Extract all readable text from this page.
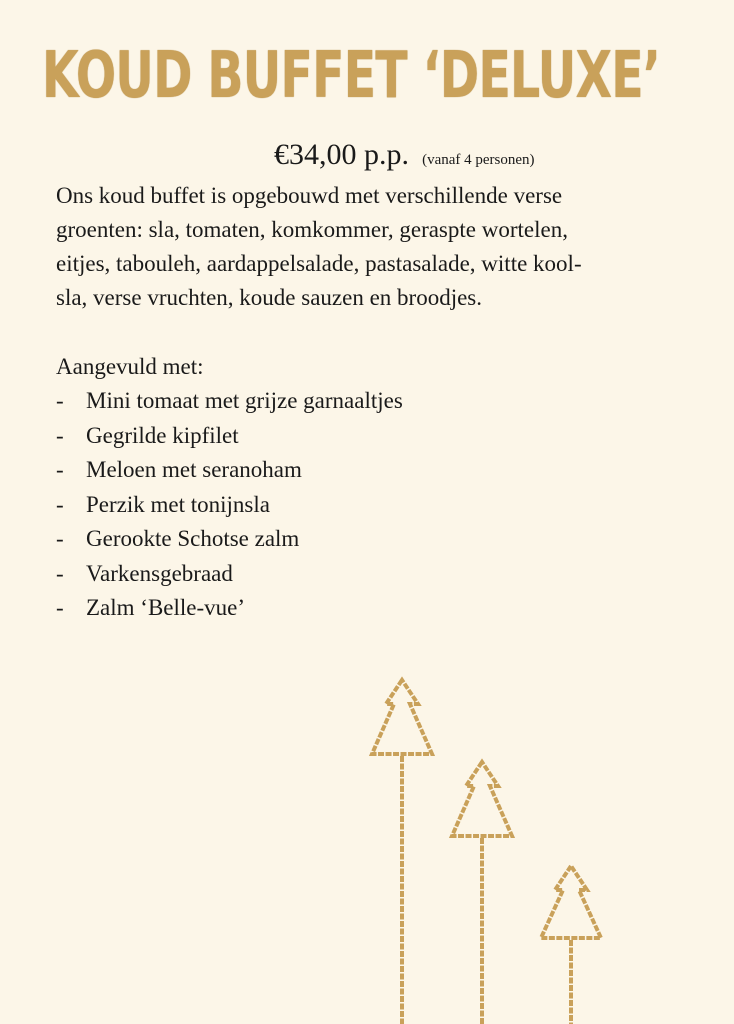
KOUD BUFFET ‘DELUXE’
€34,00 p.p. (vanaf 4 personen)

Ons koud buffet is opgebouwd met verschillende verse
groenten: sla, tomaten, komkommer, geraspte wortelen,
eitjes, tabouleh, aardappelsalade, pastasalade, witte kool-
sla, verse vruchten, koude sauzen en broodjes.

Aangevuld met:
- Mini tomaat met grijze garnaaltjes
- Gegrilde kipfilet
- Meloen met seranoham
- Perzik met tonijnsla
- Gerookte Schotse zalm
- Varkensgebraad
- Zalm ‘Belle-vue’
